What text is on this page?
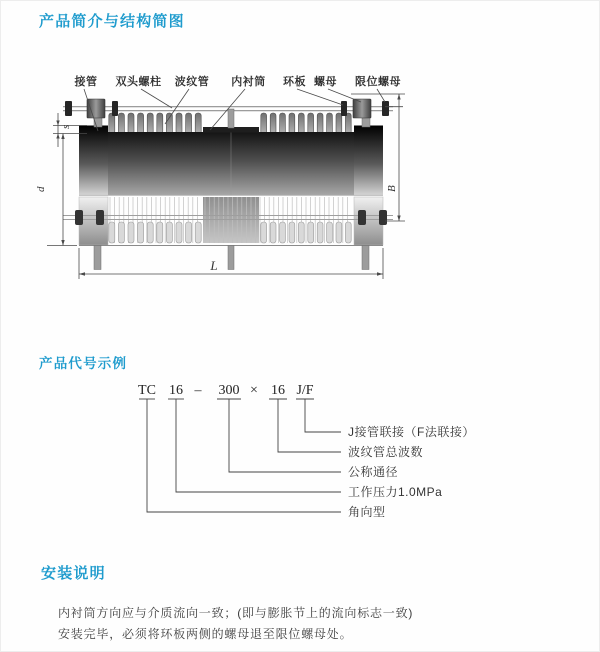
产品简介与结构简图
产品代号示例
安装说明
内衬筒方向应与介质流向一致；(即与膨胀节上的流向标志一致)
安装完毕，必须将环板两侧的螺母退至限位螺母处。
s
d	B
L
接管 双头螺柱 波纹管 内衬筒 环板 螺母 限位螺母
TC 16 – 300 × 16 J/F
J接管联接（F法联接）
波纹管总波数
公称通径
工作压力1.0MPa
角向型
